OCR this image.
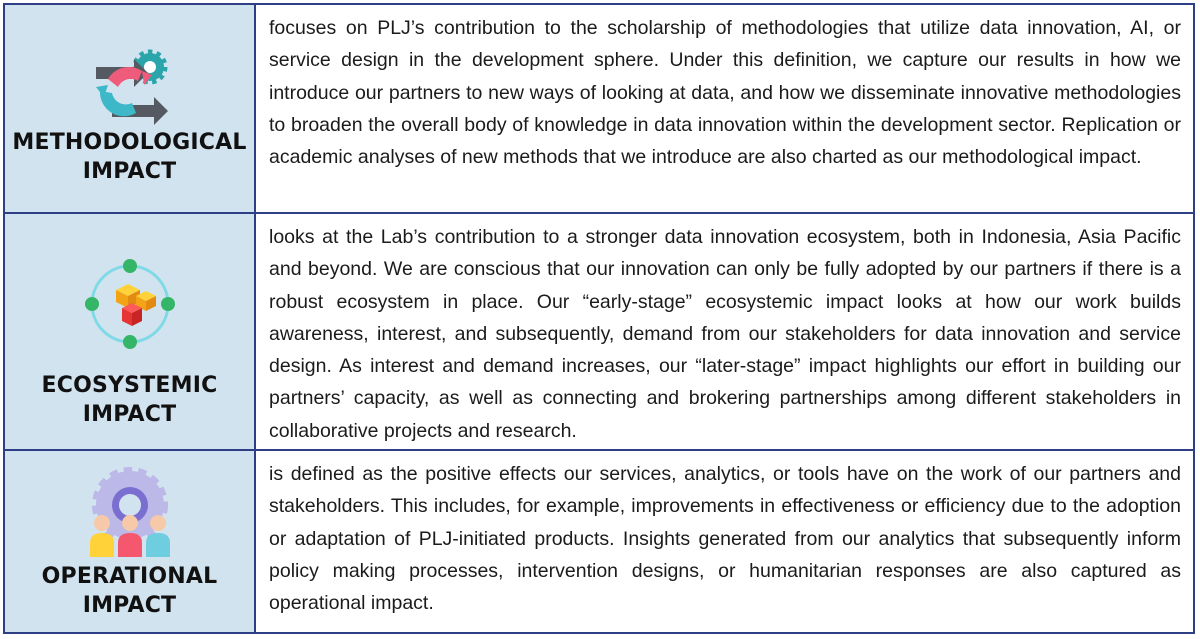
METHODOLOGICAL
IMPACT
focuses on PLJ’s contribution to the scholarship of methodologies that utilize data innovation, AI, or service design in the development sphere. Under this definition, we capture our results in how we introduce our partners to new ways of looking at data, and how we disseminate innovative methodologies to broaden the overall body of knowledge in data innovation within the development sector. Replication or academic analyses of new methods that we introduce are also charted as our methodological impact.
ECOSYSTEMIC
IMPACT
looks at the Lab’s contribution to a stronger data innovation ecosystem, both in Indonesia, Asia Pacific and beyond. We are conscious that our innovation can only be fully adopted by our partners if there is a robust ecosystem in place. Our “early-stage” ecosystemic impact looks at how our work builds awareness, interest, and subsequently, demand from our stakeholders for data innovation and service design. As interest and demand increases, our “later-stage” impact highlights our effort in building our partners’ capacity, as well as connecting and brokering partnerships among different stakeholders in collaborative projects and research.
OPERATIONAL
IMPACT
is defined as the positive effects our services, analytics, or tools have on the work of our partners and stakeholders. This includes, for example, improvements in effectiveness or efficiency due to the adoption or adaptation of PLJ-initiated products. Insights generated from our analytics that subsequently inform policy making processes, intervention designs, or humanitarian responses are also captured as operational impact.
